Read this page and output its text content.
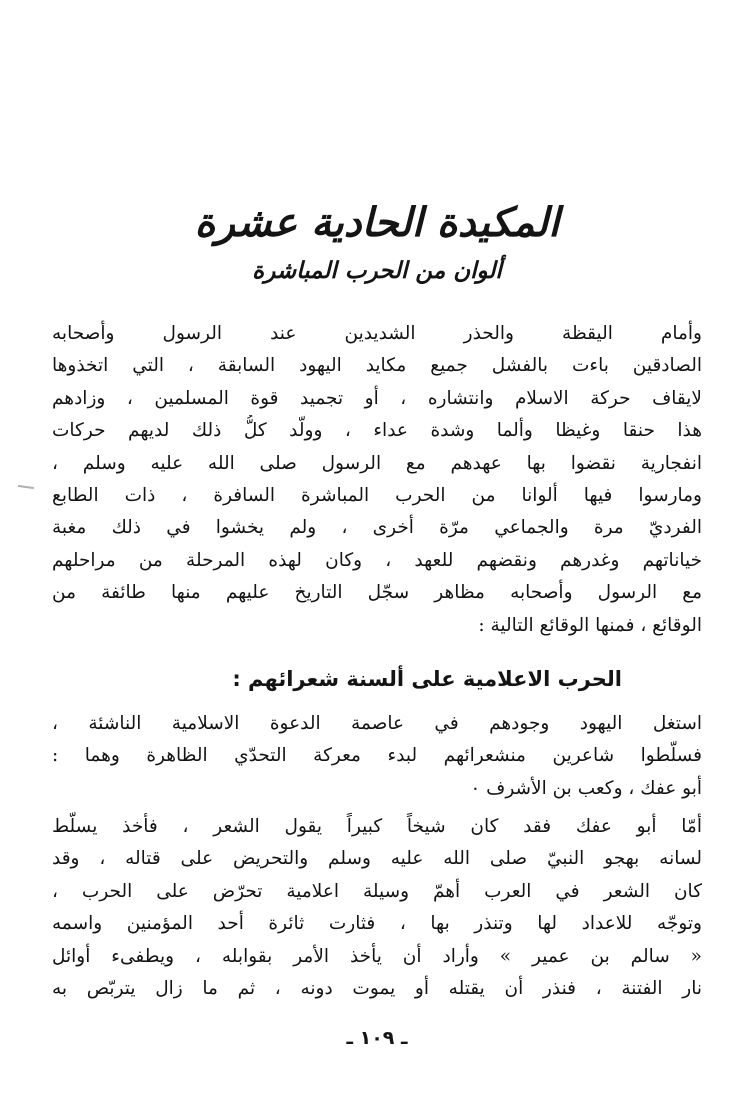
المكيدة الحادية عشرة
ألوان من الحرب المباشرة
وأمام اليقظة والحذر الشديدين عند الرسول وأصحابه
الصادقين باءت بالفشل جميع مكايد اليهود السابقة ، التي اتخذوها
لايقاف حركة الاسلام وانتشاره ، أو تجميد قوة المسلمين ، وزادهم
هذا حنقا وغيظا وألما وشدة عداء ، وولّد كلُّ ذلك لديهم حركات
انفجارية نقضوا بها عهدهم مع الرسول صلى الله عليه وسلم ،
ومارسوا فيها ألوانا من الحرب المباشرة السافرة ، ذات الطابع
الفرديّ مرة والجماعي مرّة أخرى ، ولم يخشوا في ذلك مغبة
خياناتهم وغدرهم ونقضهم للعهد ، وكان لهذه المرحلة من مراحلهم
مع الرسول وأصحابه مظاهر سجّل التاريخ عليهم منها طائفة من
الوقائع ، فمنها الوقائع التالية :
الحرب الاعلامية على ألسنة شعرائهم :
استغل اليهود وجودهم في عاصمة الدعوة الاسلامية الناشئة ،
فسلّطوا شاعرين منشعرائهم لبدء معركة التحدّي الظاهرة وهما :
أبو عفك ، وكعب بن الأشرف ٠
أمّا أبو عفك فقد كان شيخاً كبيراً يقول الشعر ، فأخذ يسلّط
لسانه بهجو النبيّ صلى الله عليه وسلم والتحريض على قتاله ، وقد
كان الشعر في العرب أهمّ وسيلة اعلامية تحرّض على الحرب ،
وتوجّه للاعداد لها وتنذر بها ، فثارت ثائرة أحد المؤمنين واسمه
« سالم بن عمير » وأراد أن يأخذ الأمر بقوابله ، ويطفىء أوائل
نار الفتنة ، فنذر أن يقتله أو يموت دونه ، ثم ما زال يتربّص به
ـ ١٠٩ ـ
